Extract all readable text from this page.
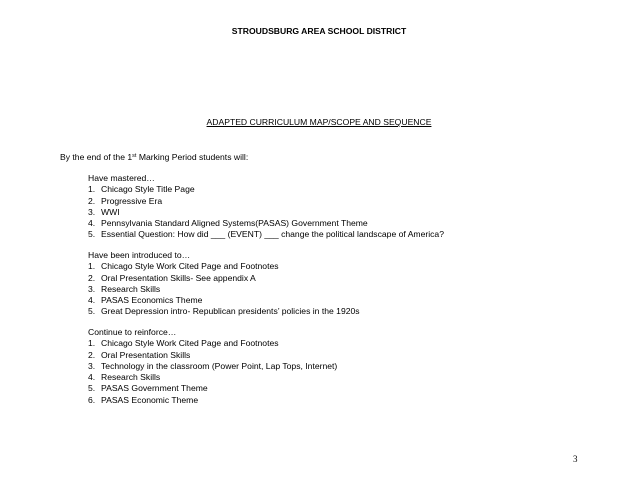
STROUDSBURG AREA SCHOOL DISTRICT
ADAPTED CURRICULUM MAP/SCOPE AND SEQUENCE
By the end of the 1st Marking Period students will:
Have mastered…
1. Chicago Style Title Page
2. Progressive Era
3. WWI
4. Pennsylvania Standard Aligned Systems(PASAS) Government Theme
5. Essential Question: How did ___ (EVENT) ___ change the political landscape of America?
Have been introduced to…
1. Chicago Style Work Cited Page and Footnotes
2. Oral Presentation Skills- See appendix A
3. Research Skills
4. PASAS Economics Theme
5. Great Depression intro- Republican presidents’ policies in the 1920s
Continue to reinforce…
1. Chicago Style Work Cited Page and Footnotes
2. Oral Presentation Skills
3. Technology in the classroom (Power Point, Lap Tops, Internet)
4. Research Skills
5. PASAS Government Theme
6. PASAS Economic Theme
3
